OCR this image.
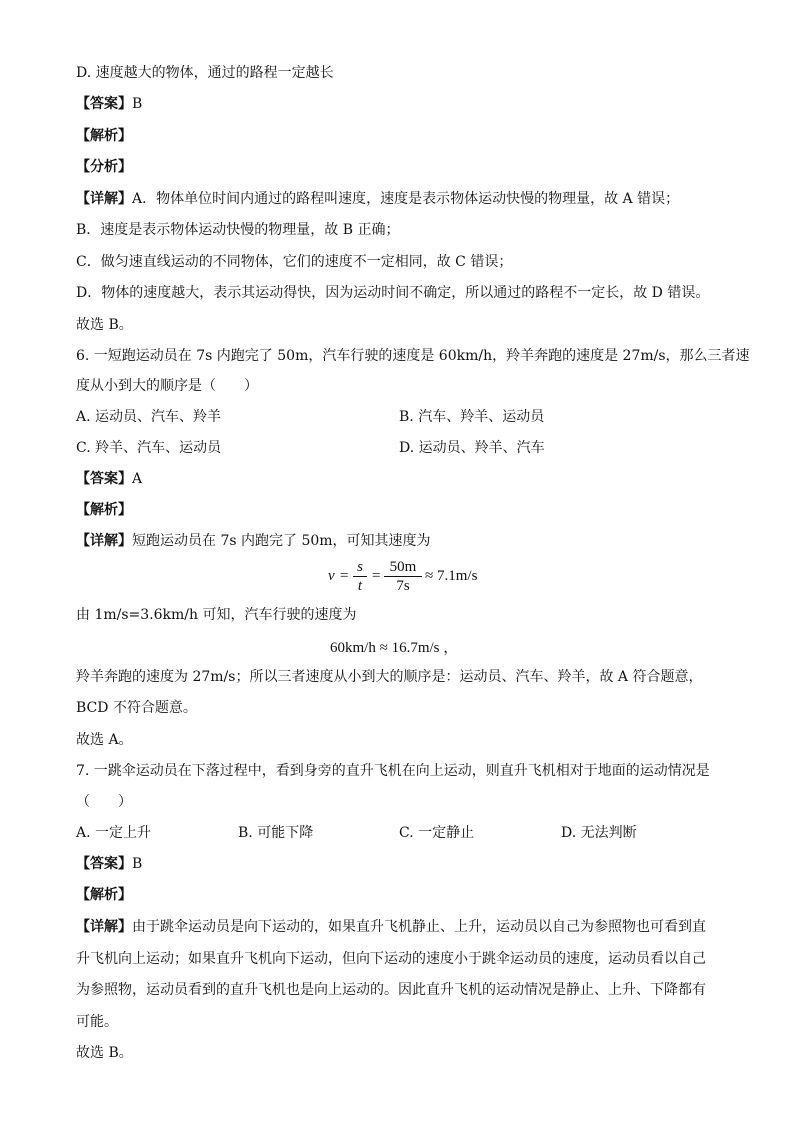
D. 速度越大的物体，通过的路程一定越长
【答案】B
【解析】
【分析】
【详解】A．物体单位时间内通过的路程叫速度，速度是表示物体运动快慢的物理量，故 A 错误；
B．速度是表示物体运动快慢的物理量，故 B 正确；
C．做匀速直线运动的不同物体，它们的速度不一定相同，故 C 错误；
D．物体的速度越大，表示其运动得快，因为运动时间不确定，所以通过的路程不一定长，故 D 错误。
故选 B。
6. 一短跑运动员在 7s 内跑完了 50m，汽车行驶的速度是 60km/h，羚羊奔跑的速度是 27m/s，那么三者速
度从小到大的顺序是（　　）
A. 运动员、汽车、羚羊	B. 汽车、羚羊、运动员
C. 羚羊、汽车、运动员	D. 运动员、羚羊、汽车
【答案】A
【解析】
【详解】短跑运动员在 7s 内跑完了 50m，可知其速度为
$v = \frac{s}{t} = \frac{50m}{7s} \approx 7.1m/s$
由 1m/s=3.6km/h 可知，汽车行驶的速度为
60km/h ≈ 16.7m/s ，
羚羊奔跑的速度为 27m/s；所以三者速度从小到大的顺序是：运动员、汽车、羚羊，故 A 符合题意，
BCD 不符合题意。
故选 A。
7. 一跳伞运动员在下落过程中，看到身旁的直升飞机在向上运动，则直升飞机相对于地面的运动情况是
（　　）
A. 一定上升	B. 可能下降	C. 一定静止	D. 无法判断
【答案】B
【解析】
【详解】由于跳伞运动员是向下运动的，如果直升飞机静止、上升，运动员以自己为参照物也可看到直
升飞机向上运动；如果直升飞机向下运动，但向下运动的速度小于跳伞运动员的速度，运动员看以自己
为参照物，运动员看到的直升飞机也是向上运动的。因此直升飞机的运动情况是静止、上升、下降都有
可能。
故选 B。
